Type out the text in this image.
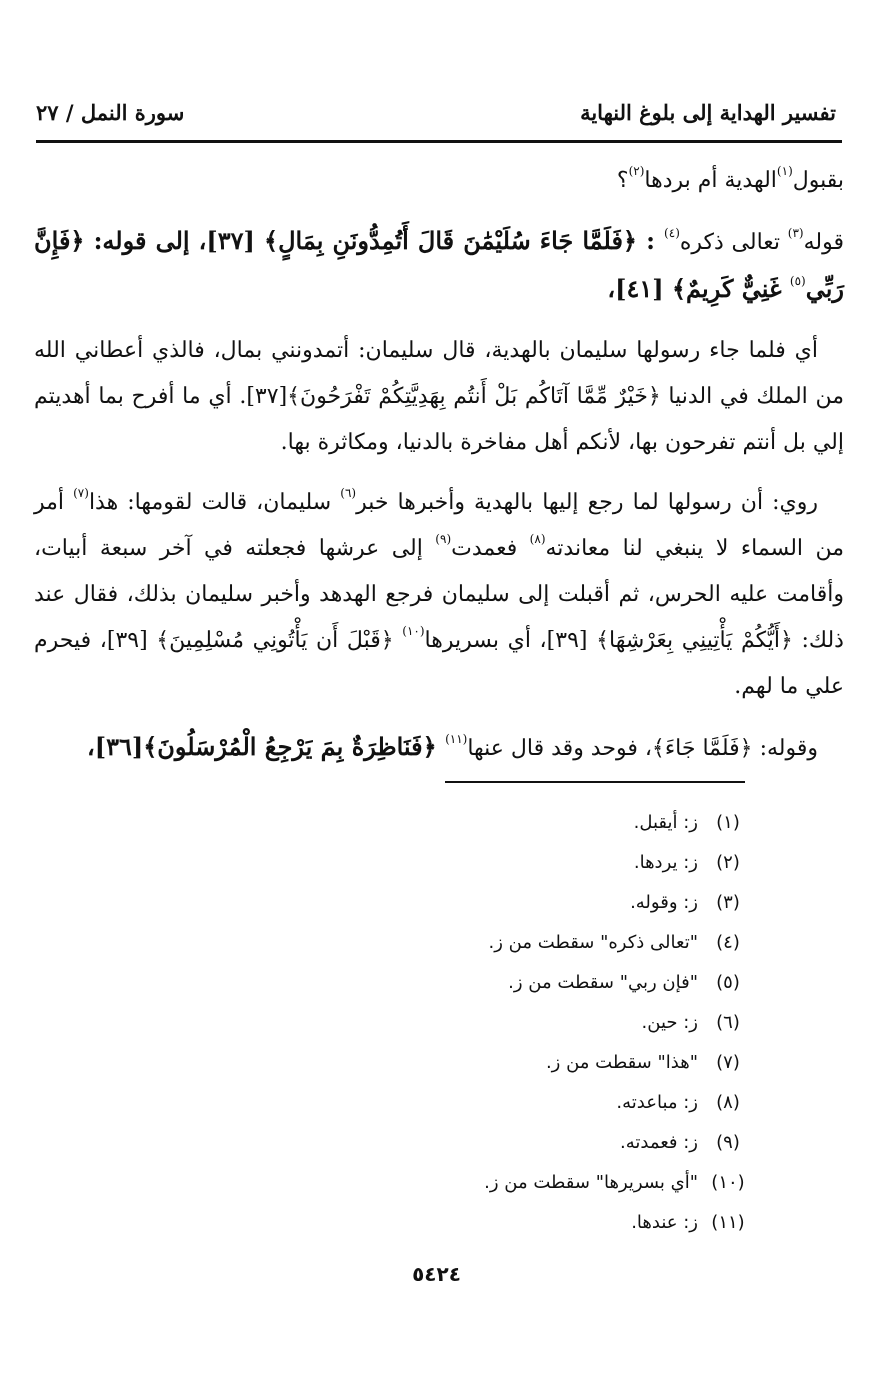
تفسير الهداية إلى بلوغ النهاية
سورة النمل / ٢٧

بقبول$^{(١)}$الهدية أم بردها$^{(٢)}$؟

قوله$^{(٣)}$ تعالى ذكره$^{(٤)}$ : ﴿فَلَمَّا جَاءَ سُلَيْمَٰنَ قَالَ أَتُمِدُّونَنِ بِمَالٍ﴾ [٣٧]، إلى قوله: ﴿فَإِنَّ رَبِّي$^{(٥)}$ غَنِيٌّ كَرِيمٌ﴾ [٤١]،

أي فلما جاء رسولها سليمان بالهدية، قال سليمان: أتمدونني بمال، فالذي أعطاني الله من الملك في الدنيا ﴿خَيْرٌ مِّمَّا آتَاكُم بَلْ أَنتُم بِهَدِيَّتِكُمْ تَفْرَحُونَ﴾[٣٧]. أي ما أفرح بما أهديتم إلي بل أنتم تفرحون بها، لأنكم أهل مفاخرة بالدنيا، ومكاثرة بها.

روي: أن رسولها لما رجع إليها بالهدية وأخبرها خبر$^{(٦)}$ سليمان، قالت لقومها: هذا$^{(٧)}$ أمر من السماء لا ينبغي لنا معاندته$^{(٨)}$ فعمدت$^{(٩)}$ إلى عرشها فجعلته في آخر سبعة أبيات، وأقامت عليه الحرس، ثم أقبلت إلى سليمان فرجع الهدهد وأخبر سليمان بذلك، فقال عند ذلك: ﴿أَيُّكُمْ يَأْتِينِي بِعَرْشِهَا﴾ [٣٩]، أي بسريرها$^{(١٠)}$ ﴿قَبْلَ أَن يَأْتُونِي مُسْلِمِينَ﴾ [٣٩]، فيحرم علي ما لهم.

وقوله: ﴿فَلَمَّا جَاءَ﴾، فوحد وقد قال عنها$^{(١١)}$ ﴿فَنَاظِرَةٌ بِمَ يَرْجِعُ الْمُرْسَلُونَ﴾[٣٦]،

(١)
ز: أيقبل.
(٢)
ز: يردها.
(٣)
ز: وقوله.
(٤)
"تعالى ذكره" سقطت من ز.
(٥)
"فإن ربي" سقطت من ز.
(٦)
ز: حين.
(٧)
"هذا" سقطت من ز.
(٨)
ز: مباعدته.
(٩)
ز: فعمدته.
(١٠)
"أي بسريرها" سقطت من ز.
(١١)
ز: عندها.
٥٤٢٤
